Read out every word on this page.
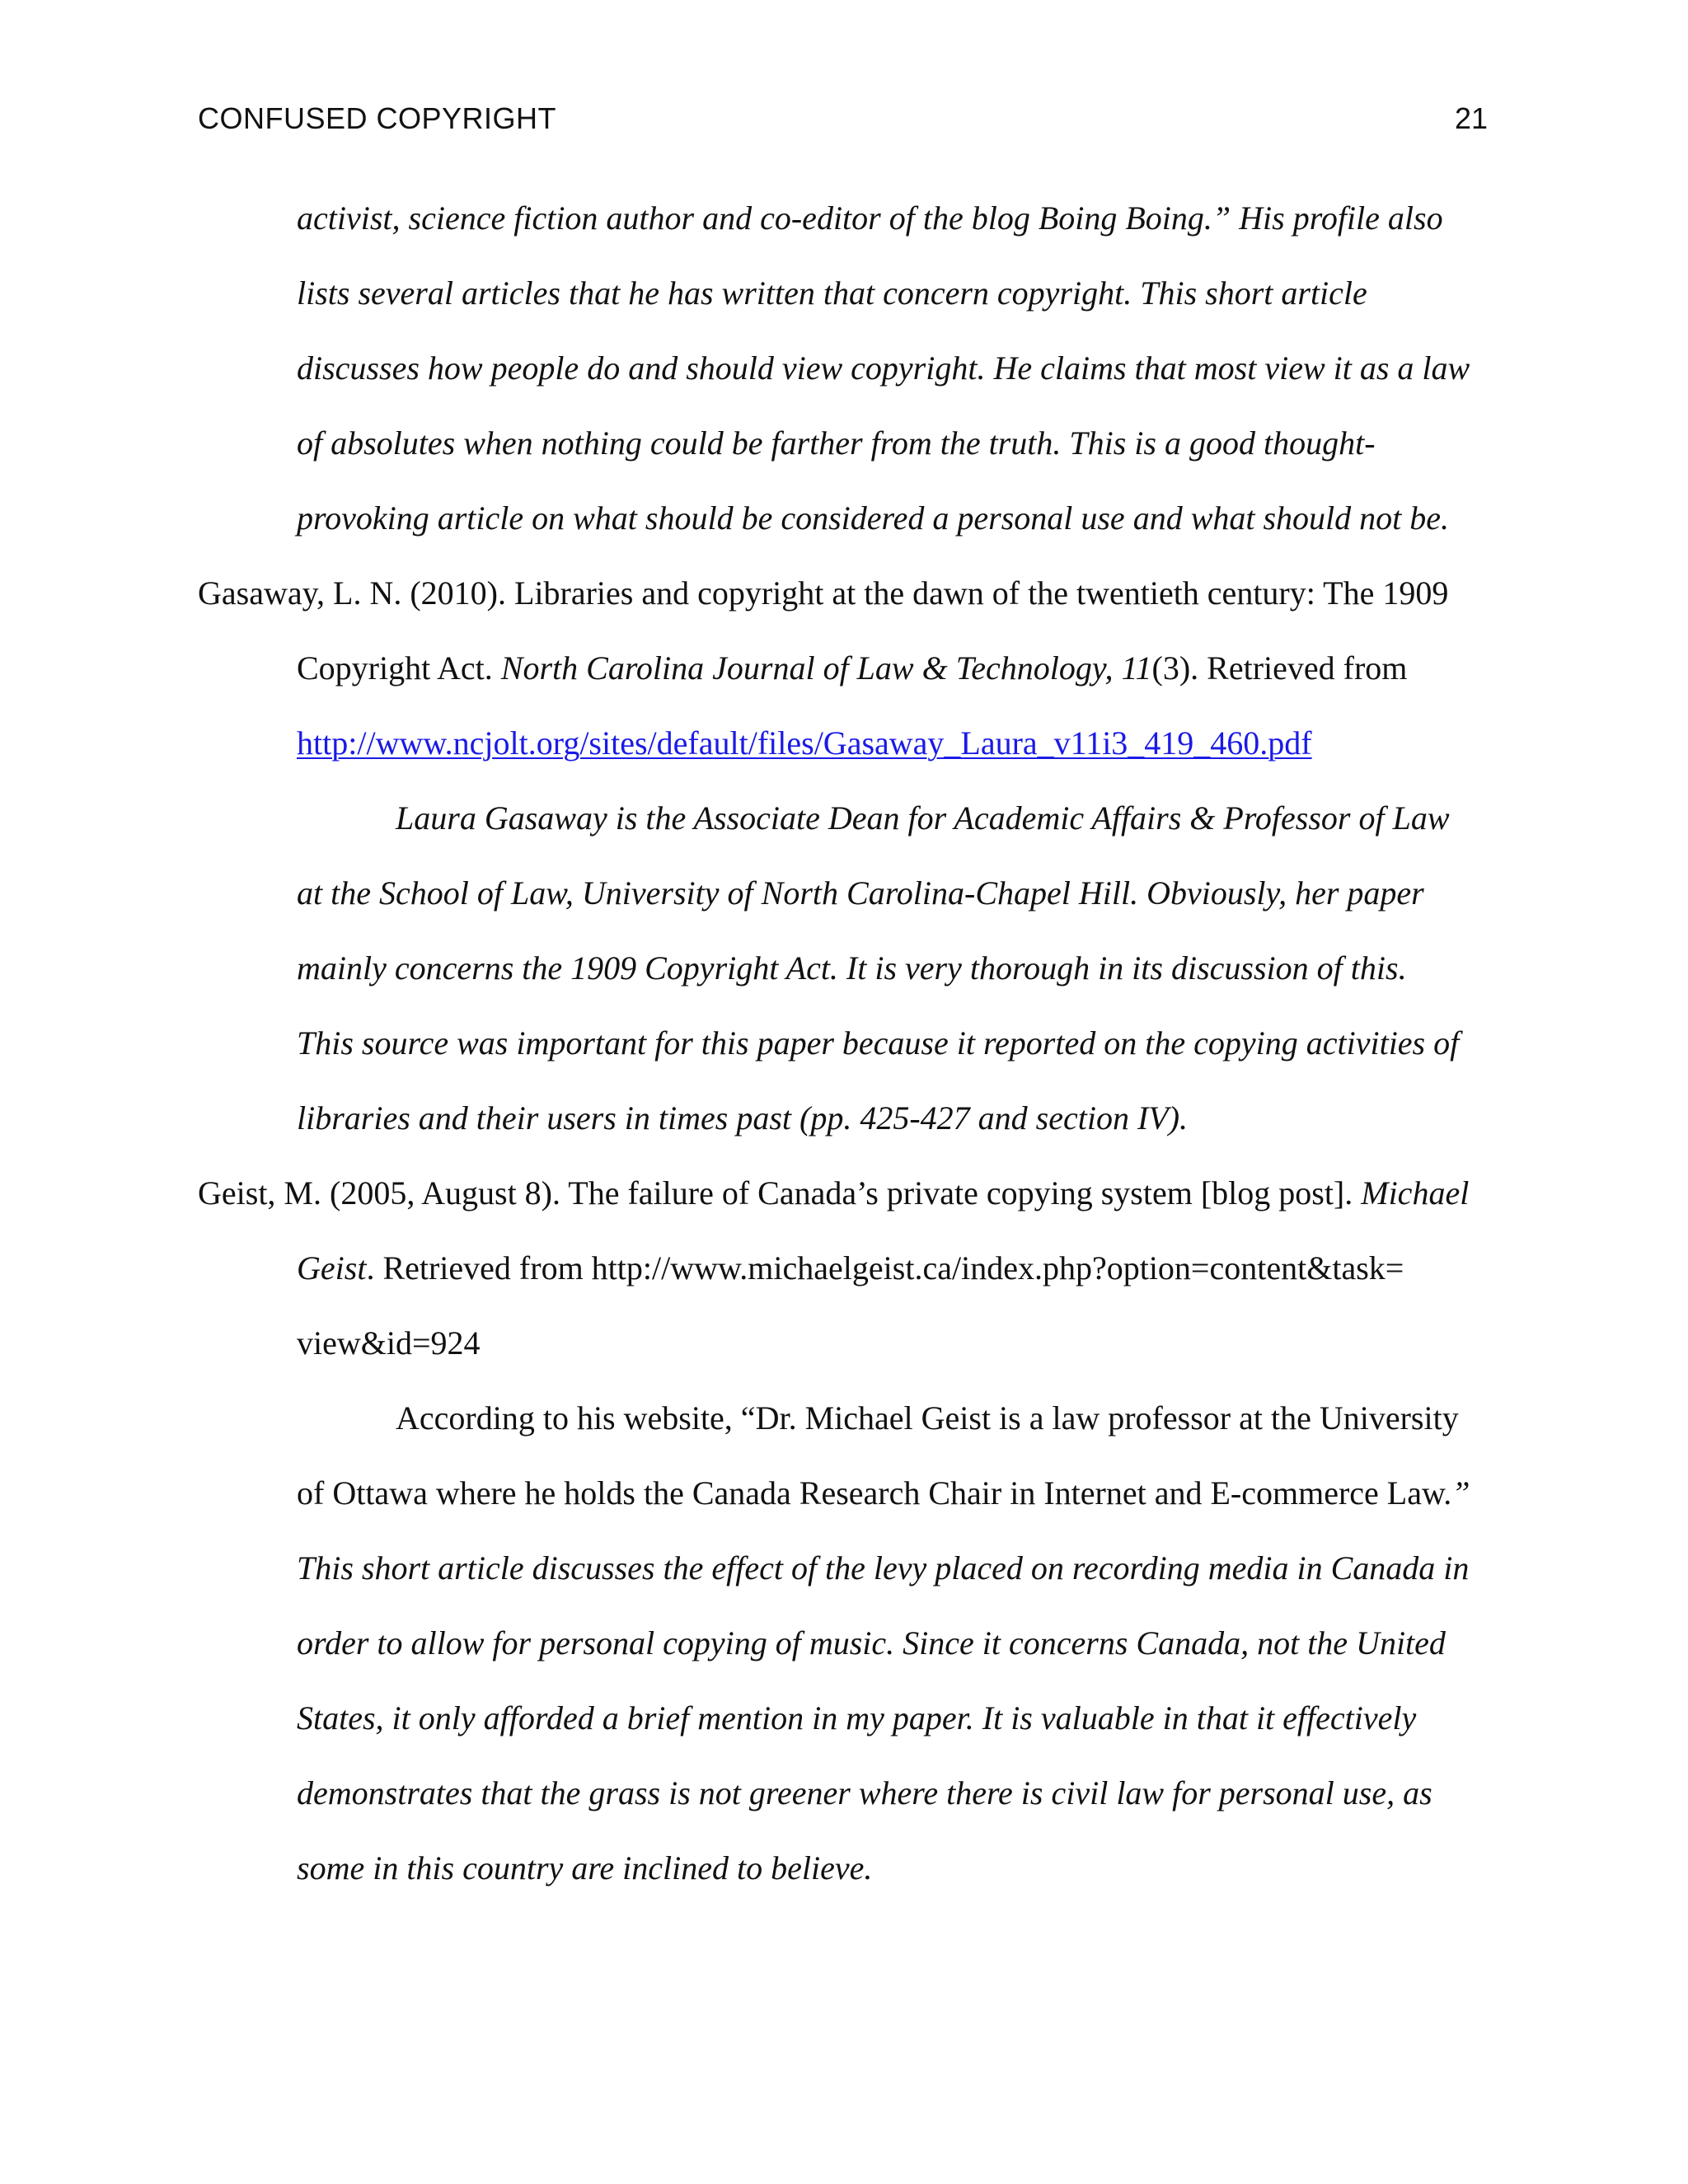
CONFUSED COPYRIGHT	21
activist, science fiction author and co-editor of the blog Boing Boing.” His profile also
lists several articles that he has written that concern copyright. This short article
discusses how people do and should view copyright. He claims that most view it as a law
of absolutes when nothing could be farther from the truth. This is a good thought-
provoking article on what should be considered a personal use and what should not be.
Gasaway, L. N. (2010). Libraries and copyright at the dawn of the twentieth century: The 1909
Copyright Act. North Carolina Journal of Law & Technology, 11(3). Retrieved from
http://www.ncjolt.org/sites/default/files/Gasaway_Laura_v11i3_419_460.pdf
Laura Gasaway is the Associate Dean for Academic Affairs & Professor of Law
at the School of Law, University of North Carolina-Chapel Hill. Obviously, her paper
mainly concerns the 1909 Copyright Act. It is very thorough in its discussion of this.
This source was important for this paper because it reported on the copying activities of
libraries and their users in times past (pp. 425-427 and section IV).
Geist, M. (2005, August 8). The failure of Canada’s private copying system [blog post]. Michael
Geist. Retrieved from http://www.michaelgeist.ca/index.php?option=content&task=
view&id=924
According to his website, “Dr. Michael Geist is a law professor at the University
of Ottawa where he holds the Canada Research Chair in Internet and E-commerce Law.”
This short article discusses the effect of the levy placed on recording media in Canada in
order to allow for personal copying of music. Since it concerns Canada, not the United
States, it only afforded a brief mention in my paper. It is valuable in that it effectively
demonstrates that the grass is not greener where there is civil law for personal use, as
some in this country are inclined to believe.
